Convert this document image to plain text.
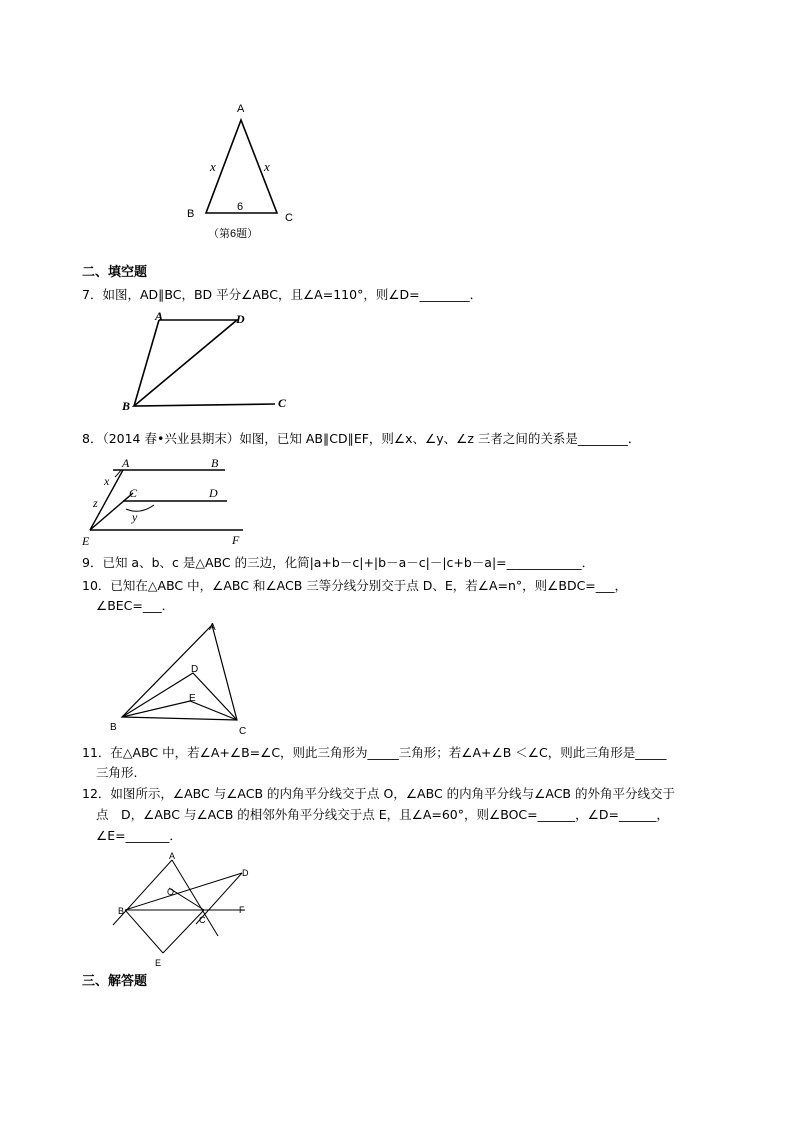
A
B	C
x	x
6
（第6题）
二、填空题
7．如图，AD∥BC，BD 平分∠ABC，且∠A=110°，则∠D=________．
A	D
B	C
8．（2014 春•兴业县期末）如图，已知 AB∥CD∥EF，则∠x、∠y、∠z 三者之间的关系是________．
A	B
C	D
E	F
x
z
y
9．已知 a、b、c 是△ABC 的三边，化简|a+b－c|+|b－a－c|－|c+b－a|=____________．
10．已知在△ABC 中，∠ABC 和∠ACB 三等分线分别交于点 D、E，若∠A=n°，则∠BDC=___，
∠BEC=___．
A
B	C
D
E
11．在△ABC 中，若∠A+∠B=∠C，则此三角形为_____三角形；若∠A+∠B ＜∠C，则此三角形是_____
三角形.
12．如图所示，∠ABC 与∠ACB 的内角平分线交于点 O，∠ABC 的内角平分线与∠ACB 的外角平分线交于
点　D，∠ABC 与∠ACB 的相邻外角平分线交于点 E，且∠A=60°，则∠BOC=______，∠D=______，
∠E=_______．
A
B
C
D
E
F
O
三、解答题
